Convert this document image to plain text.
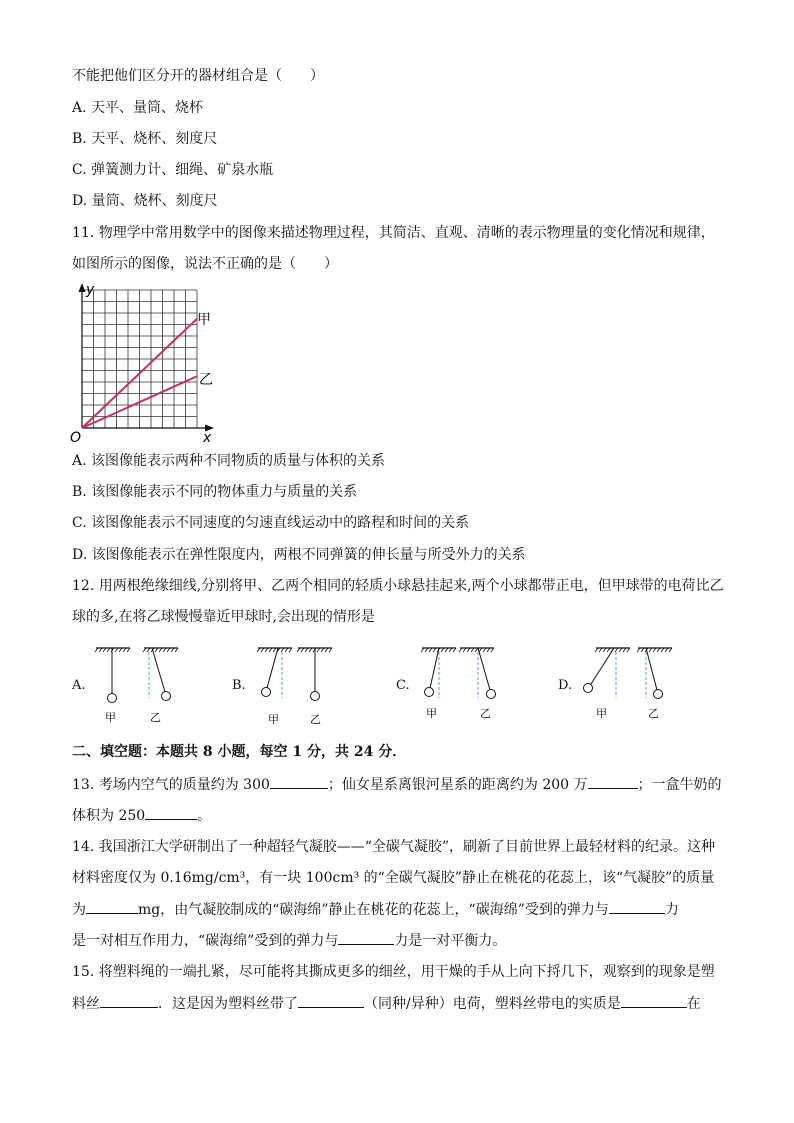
不能把他们区分开的器材组合是（　　）
A. 天平、量筒、烧杯
B. 天平、烧杯、刻度尺
C. 弹簧测力计、细绳、矿泉水瓶
D. 量筒、烧杯、刻度尺
11. 物理学中常用数学中的图像来描述物理过程，其简洁、直观、清晰的表示物理量的变化情况和规律，
如图所示的图像，说法不正确的是（　　）
y
x
O
甲
乙
A. 该图像能表示两种不同物质的质量与体积的关系
B. 该图像能表示不同的物体重力与质量的关系
C. 该图像能表示不同速度的匀速直线运动中的路程和时间的关系
D. 该图像能表示在弹性限度内，两根不同弹簧的伸长量与所受外力的关系
12. 用两根绝缘细线,分别将甲、乙两个相同的轻质小球悬挂起来,两个小球都带正电，但甲球带的电荷比乙
球的多,在将乙球慢慢靠近甲球时,会出现的情形是
A.
甲	乙
B.
甲	乙
C.
甲	乙
D.
甲	乙
二、填空题：本题共 8 小题，每空 1 分，共 24 分．
13. 考场内空气的质量约为 300	；仙女星系离银河星系的距离约为 200 万	；一盒牛奶的
体积为 250	。
14. 我国浙江大学研制出了一种超轻气凝胶——“全碳气凝胶”，刷新了目前世界上最轻材料的纪录。这种
材料密度仅为 0.16mg/cm³，有一块 100cm³ 的“全碳气凝胶”静止在桃花的花蕊上，该“气凝胶”的质量
为	mg，由气凝胶制成的“碳海绵”静止在桃花的花蕊上，“碳海绵”受到的弹力与	力
是一对相互作用力，“碳海绵”受到的弹力与	力是一对平衡力。
15. 将塑料绳的一端扎紧，尽可能将其撕成更多的细丝，用干燥的手从上向下捋几下，观察到的现象是塑
料丝	．这是因为塑料丝带了	（同种/异种）电荷，塑料丝带电的实质是	在
